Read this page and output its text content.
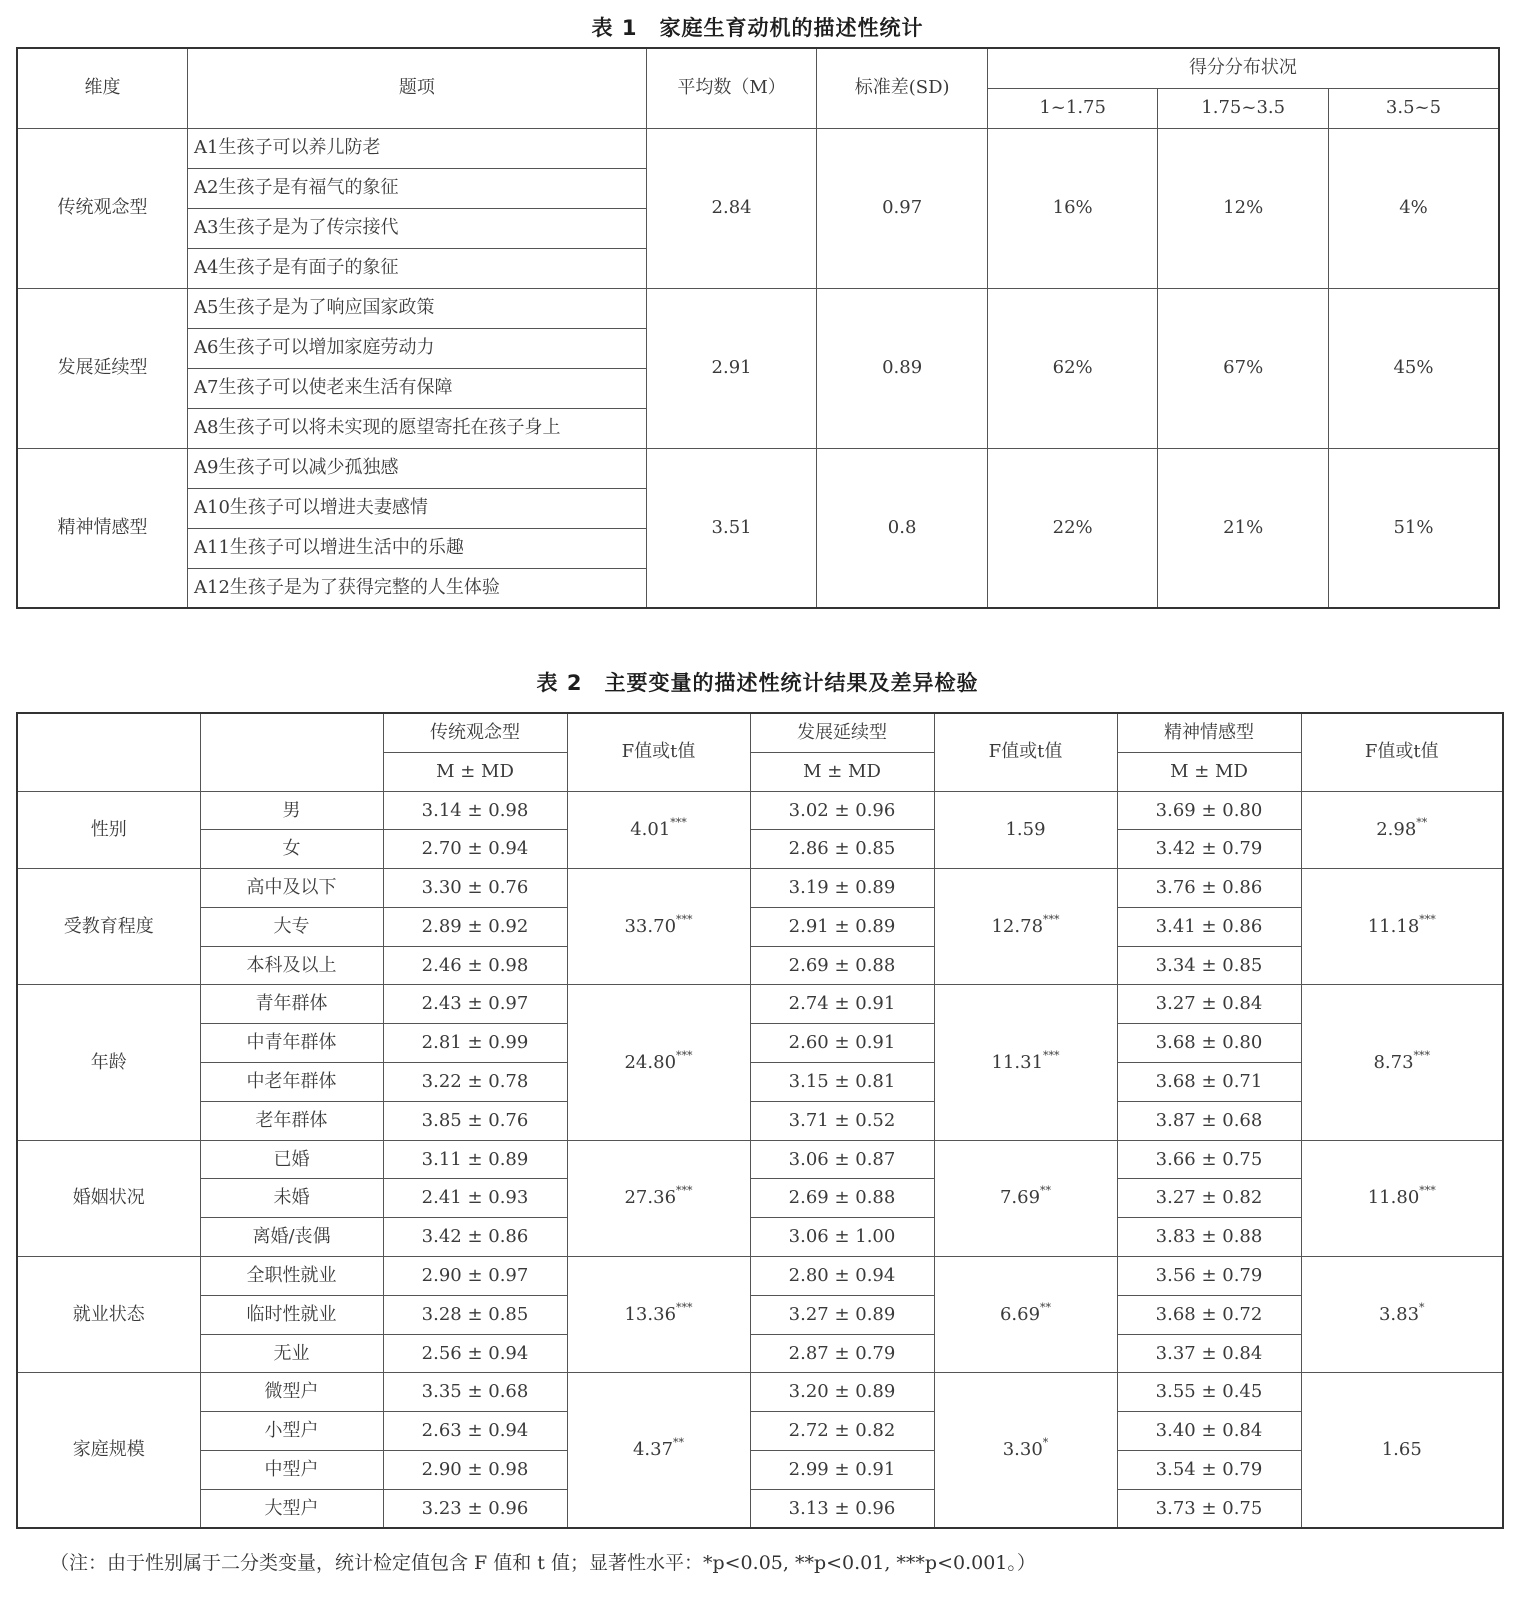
表 1 家庭生育动机的描述性统计
维度	题项	平均数（M）	标准差(SD)	得分分布状况		
				1~1.75	1.75~3.5	3.5~5
传统观念型	A1生孩子可以养儿防老	2.84	0.97	16%	12%	4%
	A2生孩子是有福气的象征					
	A3生孩子是为了传宗接代					
	A4生孩子是有面子的象征					
发展延续型	A5生孩子是为了响应国家政策	2.91	0.89	62%	67%	45%
	A6生孩子可以增加家庭劳动力					
	A7生孩子可以使老来生活有保障					
	A8生孩子可以将未实现的愿望寄托在孩子身上					
精神情感型	A9生孩子可以减少孤独感	3.51	0.8	22%	21%	51%
	A10生孩子可以增进夫妻感情					
	A11生孩子可以增进生活中的乐趣					
	A12生孩子是为了获得完整的人生体验					
表 2 主要变量的描述性统计结果及差异检验
		传统观念型	F值或t值	发展延续型	F值或t值	精神情感型	F值或t值
		M ± MD		M ± MD		M ± MD	
性别	男	3.14 ± 0.98	4.01***	3.02 ± 0.96	1.59	3.69 ± 0.80	2.98**
	女	2.70 ± 0.94		2.86 ± 0.85		3.42 ± 0.79	
受教育程度	高中及以下	3.30 ± 0.76	33.70***	3.19 ± 0.89	12.78***	3.76 ± 0.86	11.18***
	大专	2.89 ± 0.92		2.91 ± 0.89		3.41 ± 0.86	
	本科及以上	2.46 ± 0.98		2.69 ± 0.88		3.34 ± 0.85	
年龄	青年群体	2.43 ± 0.97	24.80***	2.74 ± 0.91	11.31***	3.27 ± 0.84	8.73***
	中青年群体	2.81 ± 0.99		2.60 ± 0.91		3.68 ± 0.80	
	中老年群体	3.22 ± 0.78		3.15 ± 0.81		3.68 ± 0.71	
	老年群体	3.85 ± 0.76		3.71 ± 0.52		3.87 ± 0.68	
婚姻状况	已婚	3.11 ± 0.89	27.36***	3.06 ± 0.87	7.69**	3.66 ± 0.75	11.80***
	未婚	2.41 ± 0.93		2.69 ± 0.88		3.27 ± 0.82	
	离婚/丧偶	3.42 ± 0.86		3.06 ± 1.00		3.83 ± 0.88	
就业状态	全职性就业	2.90 ± 0.97	13.36***	2.80 ± 0.94	6.69**	3.56 ± 0.79	3.83*
	临时性就业	3.28 ± 0.85		3.27 ± 0.89		3.68 ± 0.72	
	无业	2.56 ± 0.94		2.87 ± 0.79		3.37 ± 0.84	
家庭规模	微型户	3.35 ± 0.68	4.37**	3.20 ± 0.89	3.30*	3.55 ± 0.45	1.65
	小型户	2.63 ± 0.94		2.72 ± 0.82		3.40 ± 0.84	
	中型户	2.90 ± 0.98		2.99 ± 0.91		3.54 ± 0.79	
	大型户	3.23 ± 0.96		3.13 ± 0.96		3.73 ± 0.75	
（注：由于性别属于二分类变量，统计检定值包含 F 值和 t 值；显著性水平：*p<0.05, **p<0.01, ***p<0.001。）
